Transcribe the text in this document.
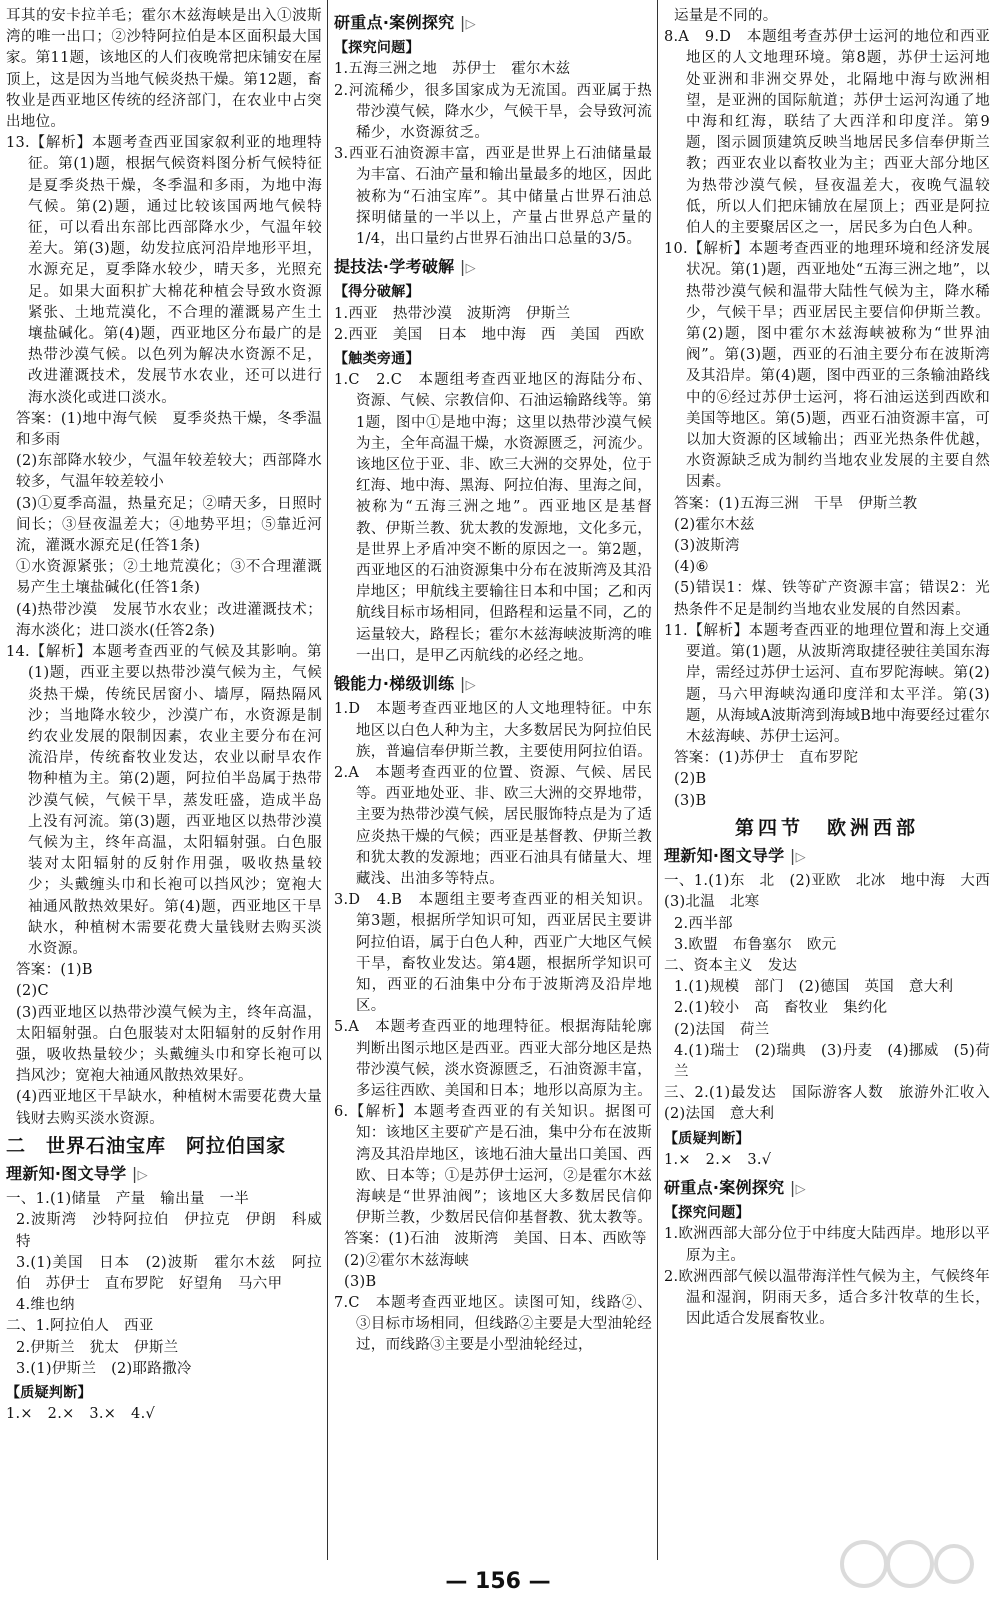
耳其的安卡拉羊毛；霍尔木兹海峡是出入①波斯湾的唯一出口；②沙特阿拉伯是本区面积最大国家。第11题，该地区的人们夜晚常把床铺安在屋顶上，这是因为当地气候炎热干燥。第12题，畜牧业是西亚地区传统的经济部门，在农业中占突出地位。
13.【解析】本题考查西亚国家叙利亚的地理特征。第(1)题，根据气候资料图分析气候特征是夏季炎热干燥，冬季温和多雨，为地中海气候。第(2)题，通过比较该国两地气候特征，可以看出东部比西部降水少，气温年较差大。第(3)题，幼发拉底河沿岸地形平坦，水源充足，夏季降水较少，晴天多，光照充足。如果大面积扩大棉花种植会导致水资源紧张、土地荒漠化，不合理的灌溉易产生土壤盐碱化。第(4)题，西亚地区分布最广的是热带沙漠气候。以色列为解决水资源不足，改进灌溉技术，发展节水农业，还可以进行海水淡化或进口淡水。
答案：(1)地中海气候　夏季炎热干燥，冬季温和多雨
(2)东部降水较少，气温年较差较大；西部降水较多，气温年较差较小
(3)①夏季高温，热量充足；②晴天多，日照时间长；③昼夜温差大；④地势平坦；⑤靠近河流，灌溉水源充足(任答1条)
①水资源紧张；②土地荒漠化；③不合理灌溉易产生土壤盐碱化(任答1条)
(4)热带沙漠　发展节水农业；改进灌溉技术；海水淡化；进口淡水(任答2条)
14.【解析】本题考查西亚的气候及其影响。第(1)题，西亚主要以热带沙漠气候为主，气候炎热干燥，传统民居窗小、墙厚，隔热隔风沙；当地降水较少，沙漠广布，水资源是制约农业发展的限制因素，农业主要分布在河流沿岸，传统畜牧业发达，农业以耐旱农作物种植为主。第(2)题，阿拉伯半岛属于热带沙漠气候，气候干旱，蒸发旺盛，造成半岛上没有河流。第(3)题，西亚地区以热带沙漠气候为主，终年高温，太阳辐射强。白色服装对太阳辐射的反射作用强，吸收热量较少；头戴缠头巾和长袍可以挡风沙；宽袍大袖通风散热效果好。第(4)题，西亚地区干旱缺水，种植树木需要花费大量钱财去购买淡水资源。
答案：(1)B
(2)C
(3)西亚地区以热带沙漠气候为主，终年高温，太阳辐射强。白色服装对太阳辐射的反射作用强，吸收热量较少；头戴缠头巾和穿长袍可以挡风沙；宽袍大袖通风散热效果好。
(4)西亚地区干旱缺水，种植树木需要花费大量钱财去购买淡水资源。
二　世界石油宝库　阿拉伯国家
理新知·图文导学 |▷
一、1.(1)储量　产量　输出量　一半
2.波斯湾　沙特阿拉伯　伊拉克　伊朗　科威特
3.(1)美国　日本　(2)波斯　霍尔木兹　阿拉伯　苏伊士　直布罗陀　好望角　马六甲
4.维也纳
二、1.阿拉伯人　西亚
2.伊斯兰　犹太　伊斯兰
3.(1)伊斯兰　(2)耶路撒冷
【质疑判断】
1.×　2.×　3.×　4.√
研重点·案例探究 |▷
【探究问题】
1.五海三洲之地　苏伊士　霍尔木兹
2.河流稀少，很多国家成为无流国。西亚属于热带沙漠气候，降水少，气候干旱，会导致河流稀少，水资源贫乏。
3.西亚石油资源丰富，西亚是世界上石油储量最为丰富、石油产量和输出量最多的地区，因此被称为“石油宝库”。其中储量占世界石油总探明储量的一半以上，产量占世界总产量的1/4，出口量约占世界石油出口总量的3/5。
提技法·学考破解 |▷
【得分破解】
1.西亚　热带沙漠　波斯湾　伊斯兰
2.西亚　美国　日本　地中海　西　美国　西欧
【触类旁通】
1.C　2.C　本题组考查西亚地区的海陆分布、资源、气候、宗教信仰、石油运输路线等。第1题，图中①是地中海；这里以热带沙漠气候为主，全年高温干燥，水资源匮乏，河流少。该地区位于亚、非、欧三大洲的交界处，位于红海、地中海、黑海、阿拉伯海、里海之间，被称为“五海三洲之地”。西亚地区是基督教、伊斯兰教、犹太教的发源地，文化多元，是世界上矛盾冲突不断的原因之一。第2题，西亚地区的石油资源集中分布在波斯湾及其沿岸地区；甲航线主要输往日本和中国；乙和丙航线目标市场相同，但路程和运量不同，乙的运量较大，路程长；霍尔木兹海峡波斯湾的唯一出口，是甲乙丙航线的必经之地。
锻能力·梯级训练 |▷
1.D　本题考查西亚地区的人文地理特征。中东地区以白色人种为主，大多数居民为阿拉伯民族，普遍信奉伊斯兰教，主要使用阿拉伯语。
2.A　本题考查西亚的位置、资源、气候、居民等。西亚地处亚、非、欧三大洲的交界地带，主要为热带沙漠气候，居民服饰特点是为了适应炎热干燥的气候；西亚是基督教、伊斯兰教和犹太教的发源地；西亚石油具有储量大、埋藏浅、出油多等特点。
3.D　4.B　本题组主要考查西亚的相关知识。第3题，根据所学知识可知，西亚居民主要讲阿拉伯语，属于白色人种，西亚广大地区气候干旱，畜牧业发达。第4题，根据所学知识可知，西亚的石油集中分布于波斯湾及沿岸地区。
5.A　本题考查西亚的地理特征。根据海陆轮廓判断出图示地区是西亚。西亚大部分地区是热带沙漠气候，淡水资源匮乏，石油资源丰富，多运往西欧、美国和日本；地形以高原为主。
6.【解析】本题考查西亚的有关知识。据图可知：该地区主要矿产是石油，集中分布在波斯湾及其沿岸地区，该地石油大量出口美国、西欧、日本等；①是苏伊士运河，②是霍尔木兹海峡是“世界油阀”；该地区大多数居民信仰伊斯兰教，少数居民信仰基督教、犹太教等。
答案：(1)石油　波斯湾　美国、日本、西欧等
(2)②霍尔木兹海峡
(3)B
7.C　本题考查西亚地区。读图可知，线路②、③目标市场相同，但线路②主要是大型油轮经过，而线路③主要是小型油轮经过，
运量是不同的。
8.A　9.D　本题组考查苏伊士运河的地位和西亚地区的人文地理环境。第8题，苏伊士运河地处亚洲和非洲交界处，北隔地中海与欧洲相望，是亚洲的国际航道；苏伊士运河沟通了地中海和红海，联结了大西洋和印度洋。第9题，图示圆顶建筑反映当地居民多信奉伊斯兰教；西亚农业以畜牧业为主；西亚大部分地区为热带沙漠气候，昼夜温差大，夜晚气温较低，所以人们把床铺放在屋顶上；西亚是阿拉伯人的主要聚居区之一，居民多为白色人种。
10.【解析】本题考查西亚的地理环境和经济发展状况。第(1)题，西亚地处“五海三洲之地”，以热带沙漠气候和温带大陆性气候为主，降水稀少，气候干旱；西亚居民主要信仰伊斯兰教。第(2)题，图中霍尔木兹海峡被称为“世界油阀”。第(3)题，西亚的石油主要分布在波斯湾及其沿岸。第(4)题，图中西亚的三条输油路线中的⑥经过苏伊士运河，将石油运送到西欧和美国等地区。第(5)题，西亚石油资源丰富，可以加大资源的区域输出；西亚光热条件优越，水资源缺乏成为制约当地农业发展的主要自然因素。
答案：(1)五海三洲　干旱　伊斯兰教
(2)霍尔木兹
(3)波斯湾
(4)⑥
(5)错误1：煤、铁等矿产资源丰富；错误2：光热条件不足是制约当地农业发展的自然因素。
11.【解析】本题考查西亚的地理位置和海上交通要道。第(1)题，从波斯湾取捷径驶往美国东海岸，需经过苏伊士运河、直布罗陀海峡。第(2)题，马六甲海峡沟通印度洋和太平洋。第(3)题，从海域A波斯湾到海域B地中海要经过霍尔木兹海峡、苏伊士运河。
答案：(1)苏伊士　直布罗陀
(2)B
(3)B
第四节　欧洲西部
理新知·图文导学 |▷
一、1.(1)东　北　(2)亚欧　北冰　地中海　大西　(3)北温　北寒
2.西半部
3.欧盟　布鲁塞尔　欧元
二、资本主义　发达
1.(1)规模　部门　(2)德国　英国　意大利
2.(1)较小　高　畜牧业　集约化
(2)法国　荷兰
4.(1)瑞士　(2)瑞典　(3)丹麦　(4)挪威　(5)荷兰
三、2.(1)最发达　国际游客人数　旅游外汇收入　(2)法国　意大利
【质疑判断】
1.×　2.×　3.√
研重点·案例探究 |▷
【探究问题】
1.欧洲西部大部分位于中纬度大陆西岸。地形以平原为主。
2.欧洲西部气候以温带海洋性气候为主，气候终年温和湿润，阴雨天多，适合多汁牧草的生长，因此适合发展畜牧业。
— 156 —
